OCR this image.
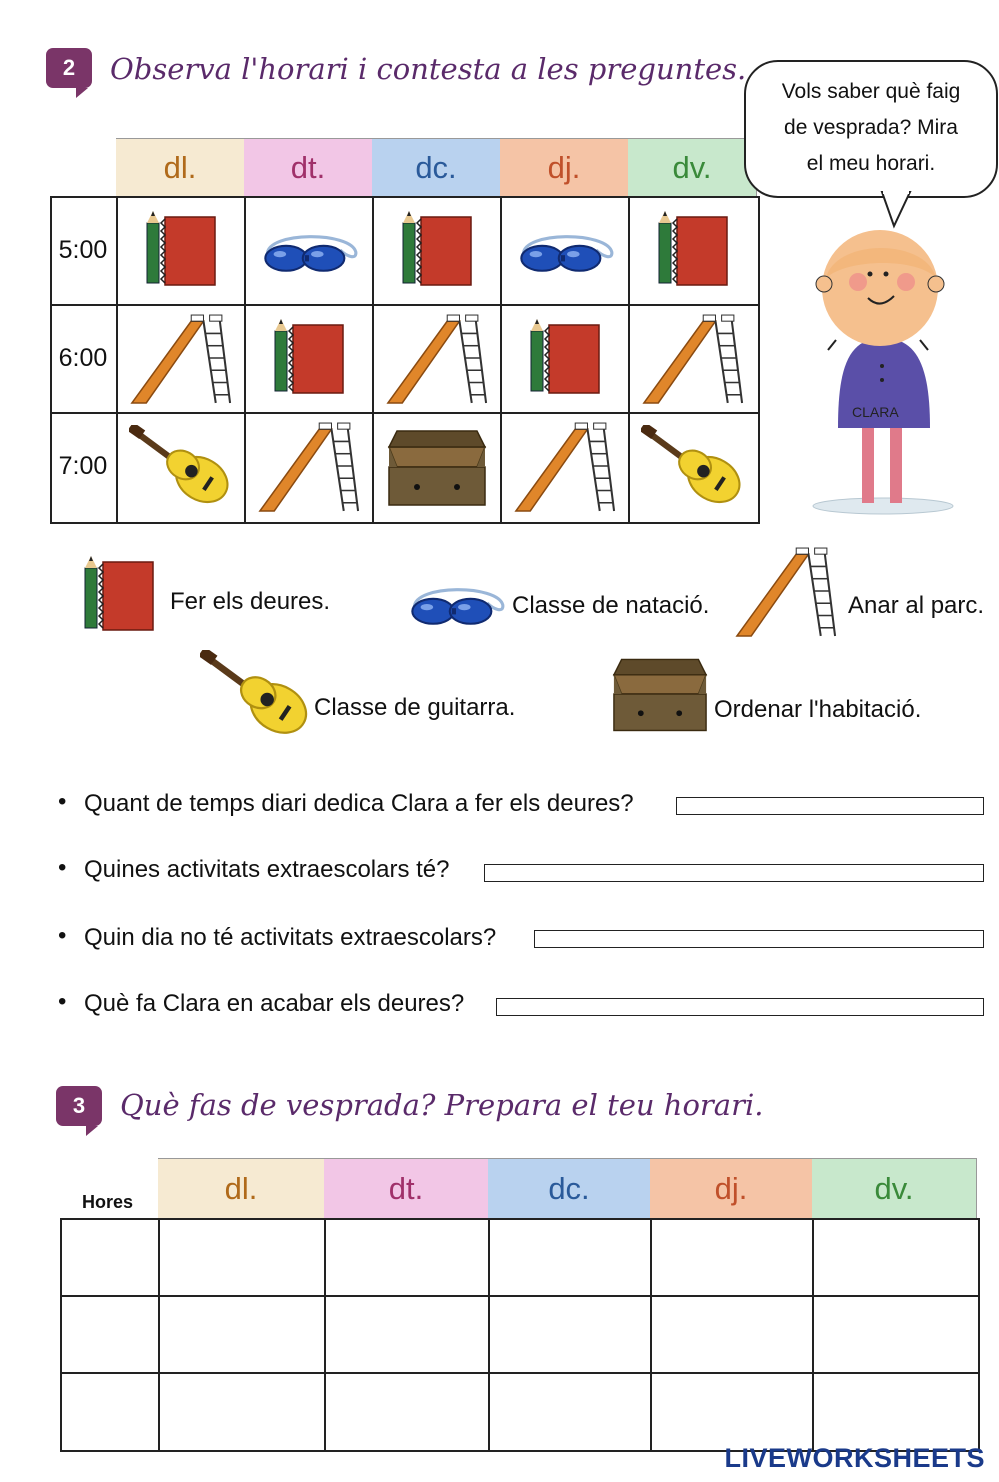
2 Observa l'horari i contesta a les preguntes.
dl.	dt.	dc.	dj.	dv.
5:00
6:00
7:00
Vols saber què faig
de vesprada? Mira
el meu horari.
CLARA
Fer els deures.	Classe de natació.	Anar al parc.
Classe de guitarra.	Ordenar l'habitació.
• Quant de temps diari dedica Clara a fer els deures?
• Quines activitats extraescolars té?
• Quin dia no té activitats extraescolars?
• Què fa Clara en acabar els deures?
3 Què fas de vesprada? Prepara el teu horari.
Hores	dl.	dt.	dc.	dj.	dv.
LIVEWORKSHEETS
